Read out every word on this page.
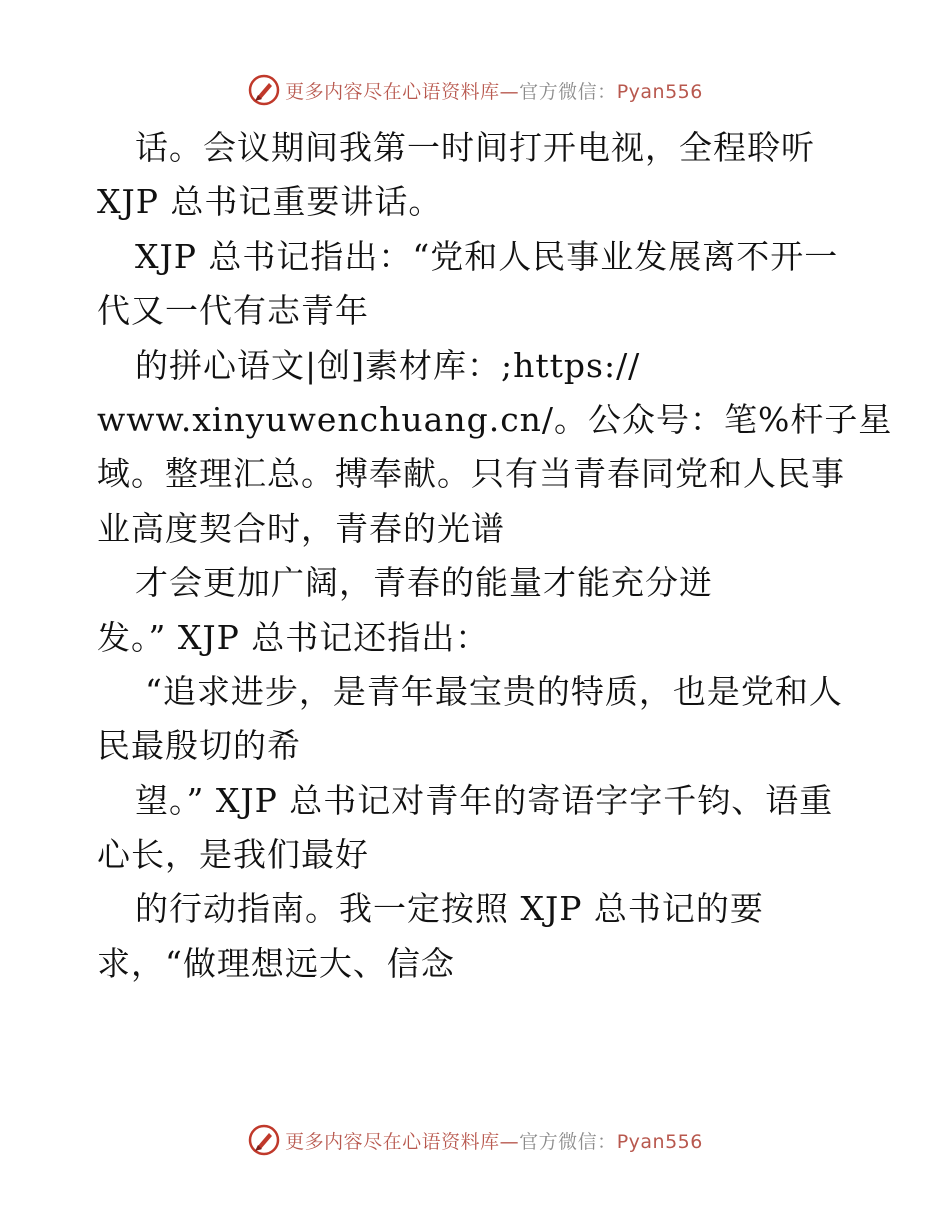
更多内容尽在心语资料库—官方微信：Pyan556
话。会议期间我第一时间打开电视，全程聆听
XJP 总书记重要讲话。
XJP 总书记指出：“党和人民事业发展离不开一
代又一代有志青年
的拼心语文|创]素材库：;https://
www.xinyuwenchuang.cn/。公众号：笔%杆子星
域。整理汇总。搏奉献。只有当青春同党和人民事
业高度契合时，青春的光谱
才会更加广阔，青春的能量才能充分迸
发。” XJP 总书记还指出：
“追求进步，是青年最宝贵的特质，也是党和人
民最殷切的希
望。” XJP 总书记对青年的寄语字字千钧、语重
心长，是我们最好
的行动指南。我一定按照 XJP 总书记的要
求，“做理想远大、信念
更多内容尽在心语资料库—官方微信：Pyan556
